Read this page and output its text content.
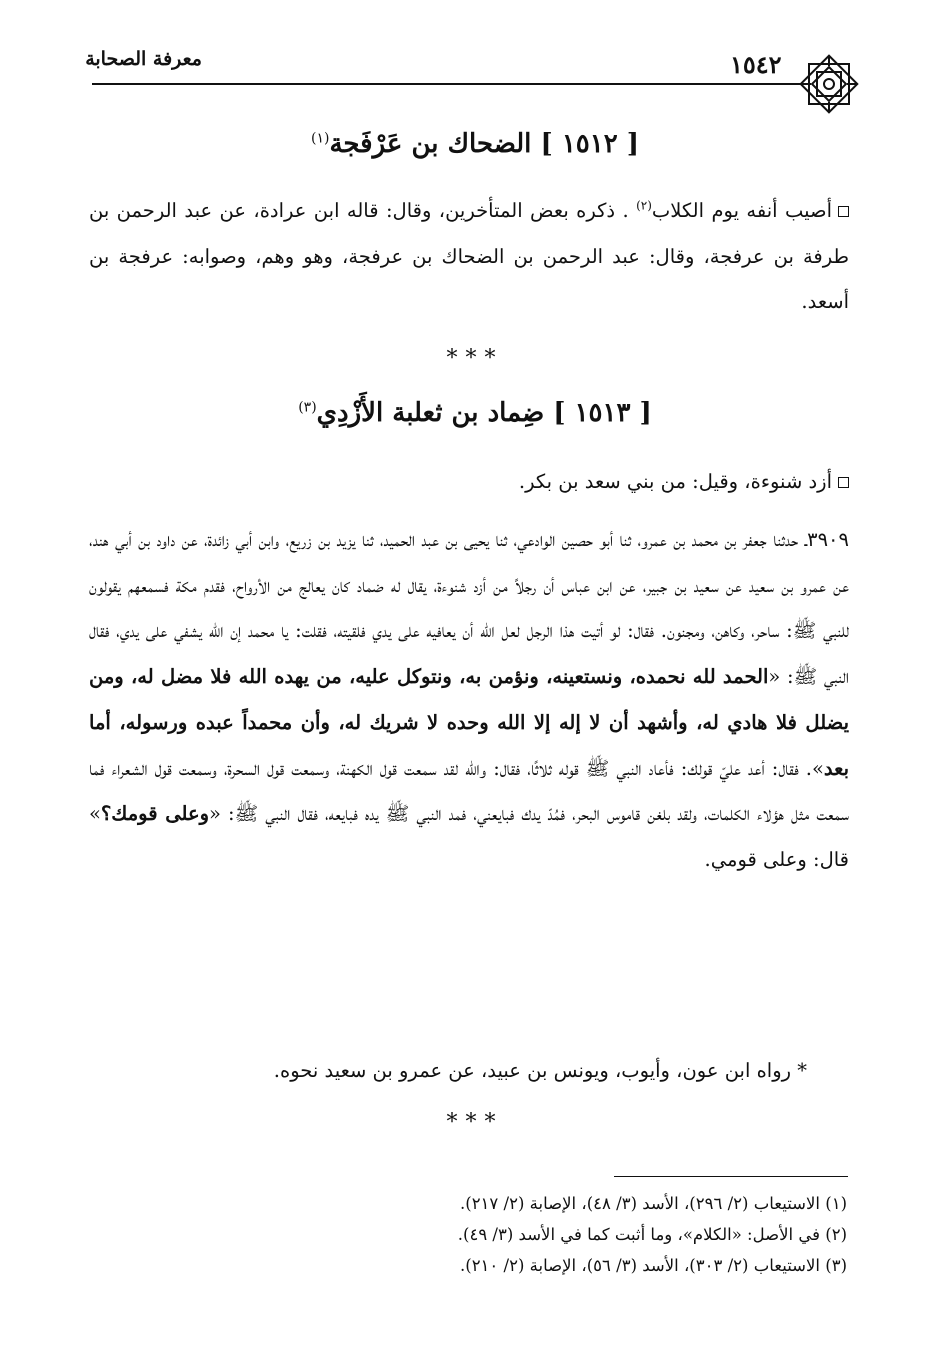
معرفة الصحابة	١٥٤٢
[ ١٥١٢ ] الضحاك بن عَرْفَجة$^{(١)}$
أصيب أنفه يوم الكلاب$^{(٢)}$ . ذكره بعض المتأخرين، وقال: قاله ابن عرادة، عن عبد الرحمن بن طرفة بن عرفجة، وقال: عبد الرحمن بن الضحاك بن عرفجة، وهو وهم، وصوابه: عرفجة بن أسعد.
***
[ ١٥١٣ ] ضِماد بن ثعلبة الأَزْدِي$^{(٣)}$
أزد شنوءة، وقيل: من بني سعد بن بكر.
٣٩٠٩ـ حدثنا جعفر بن محمد بن عمرو، ثنا أبو حصين الوادعي، ثنا يحيى بن عبد الحميد، ثنا يزيد بن زريع، وابن أبي زائدة، عن داود بن أبي هند، عن عمرو بن سعيد عن سعيد بن جبير، عن ابن عباس أن رجلاً من أزد شنوءة، يقال له ضماد كان يعالج من الأرواح، فقدم مكة فسمعهم يقولون للنبي ﷺ: ساحر، وكاهن، ومجنون. فقال: لو أتيت هذا الرجل لعل الله أن يعافيه على يدي فلقيته، فقلت: يا محمد إن الله يشفي على يدي، فقال النبي ﷺ: «الحمد لله نحمده، ونستعينه، ونؤمن به، ونتوكل عليه، من يهده الله فلا مضل له، ومن يضلل فلا هادي له، وأشهد أن لا إله إلا الله وحده لا شريك له، وأن محمداً عبده ورسوله، أما بعد». فقال: أعد عليّ قولك: فأعاد النبي ﷺ قوله ثلاثًا، فقال: والله لقد سمعت قول الكهنة، وسمعت قول السحرة، وسمعت قول الشعراء فما سمعت مثل هؤلاء الكلمات، ولقد بلغن قاموس البحر، فمُدّ يدك فبايعني، فمد النبي ﷺ يده فبايعه، فقال النبي ﷺ: «وعلى قومك؟» قال: وعلى قومي.
* رواه ابن عون، وأيوب، ويونس بن عبيد، عن عمرو بن سعيد نحوه.
***
(١) الاستيعاب (٢/ ٢٩٦)، الأسد (٣/ ٤٨)، الإصابة (٢/ ٢١٧).
(٢) في الأصل: «الكلام»، وما أثبت كما في الأسد (٣/ ٤٩).
(٣) الاستيعاب (٢/ ٣٠٣)، الأسد (٣/ ٥٦)، الإصابة (٢/ ٢١٠).
